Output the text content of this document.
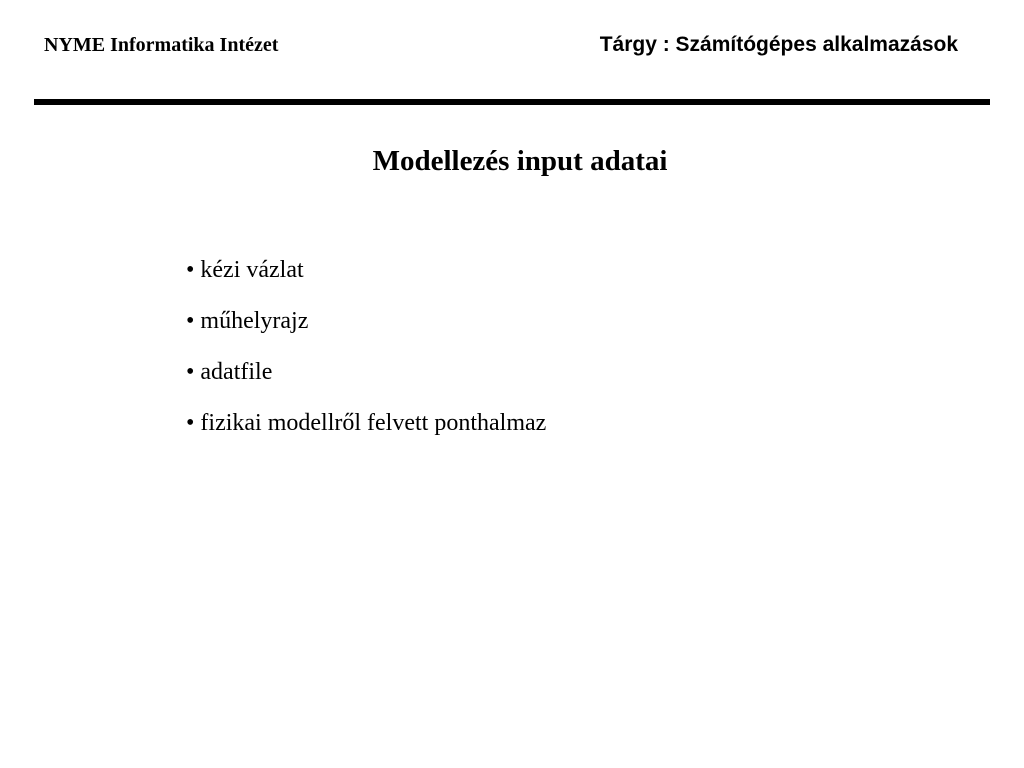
NYME Informatika Intézet	Tárgy : Számítógépes alkalmazások
Modellezés input adatai
• kézi vázlat
• műhelyrajz
• adatfile
• fizikai modellről felvett ponthalmaz
